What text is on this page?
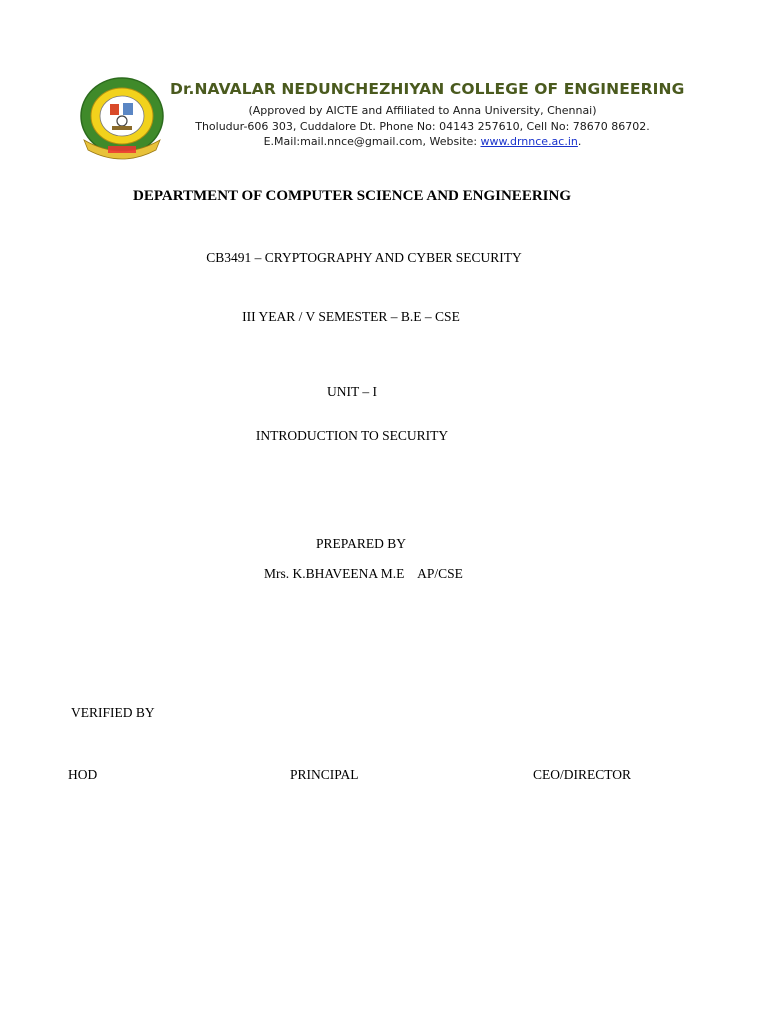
Dr.NAVALAR NEDUNCHEZHIYAN COLLEGE OF ENGINEERING
(Approved by AICTE and Affiliated to Anna University, Chennai)
Tholudur-606 303, Cuddalore Dt. Phone No: 04143 257610, Cell No: 78670 86702.
E.Mail:mail.nnce@gmail.com, Website: www.drnnce.ac.in.
DEPARTMENT OF COMPUTER SCIENCE AND ENGINEERING
CB3491 – CRYPTOGRAPHY AND CYBER SECURITY
III YEAR / V SEMESTER – B.E – CSE
UNIT – I
INTRODUCTION TO SECURITY
PREPARED BY
Mrs. K.BHAVEENA M.E    AP/CSE
VERIFIED BY
HOD	PRINCIPAL	CEO/DIRECTOR
